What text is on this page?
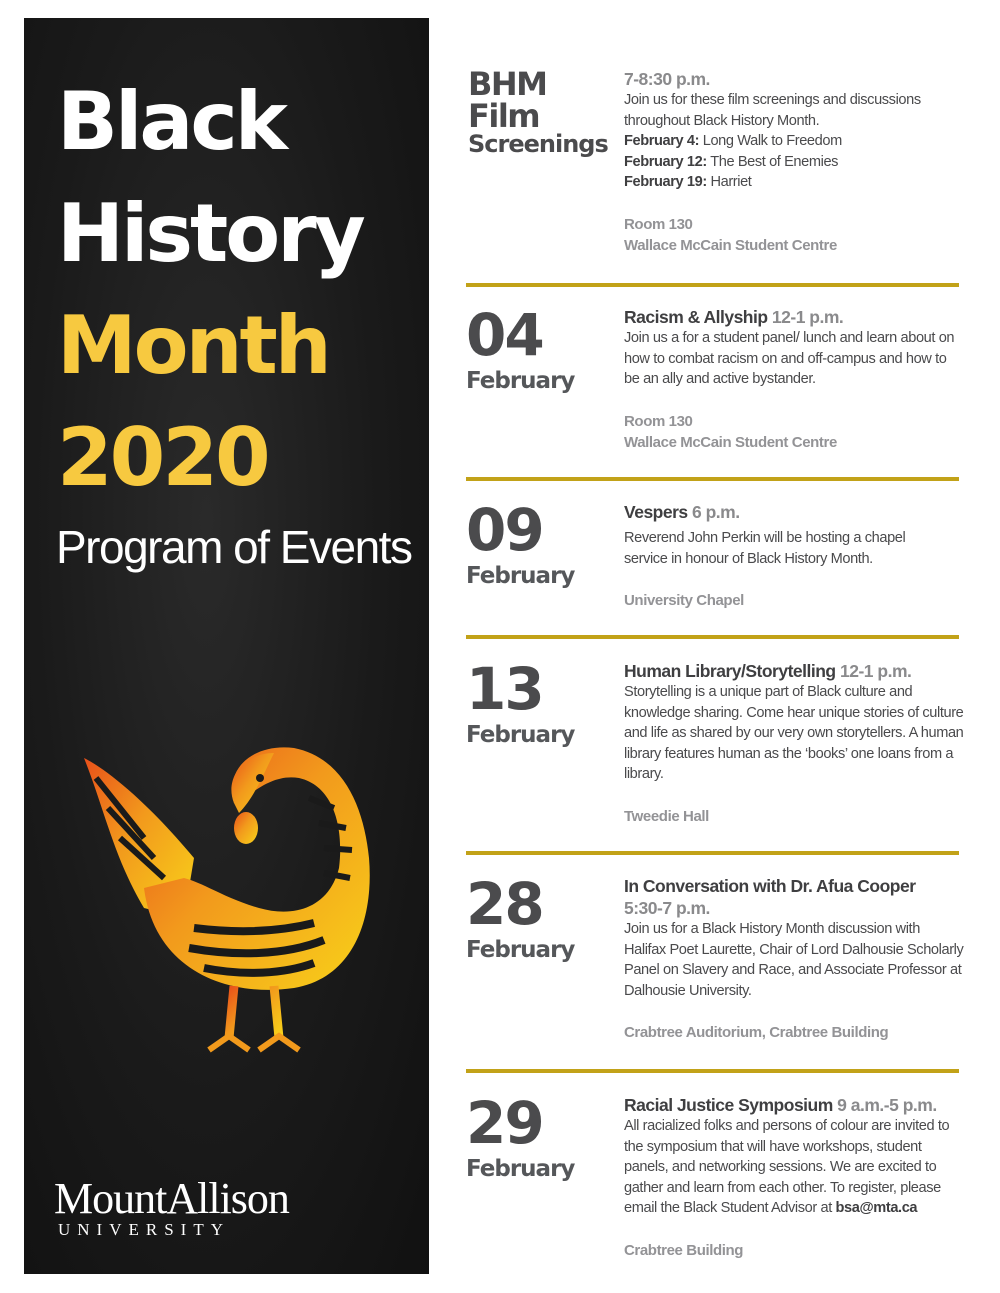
Black
History
Month
2020
Program of Events
MountAllison
UNIVERSITY
BHM
Film
Screenings
7-8:30 p.m.
Join us for these film screenings and discussions throughout Black History Month.
February 4: Long Walk to Freedom
February 12: The Best of Enemies
February 19: Harriet
Room 130
Wallace McCain Student Centre
04
February
Racism & Allyship 12-1 p.m.
Join us a for a student panel/ lunch and learn about on how to combat racism on and off-campus and how to be an ally and active bystander.
Room 130
Wallace McCain Student Centre
09
February
Vespers 6 p.m.
Reverend John Perkin will be hosting a chapel service in honour of Black History Month.
University Chapel
13
February
Human Library/Storytelling 12-1 p.m.
Storytelling is a unique part of Black culture and knowledge sharing. Come hear unique stories of culture and life as shared by our very own storytellers. A human library features human as the ‘books’ one loans from a library.
Tweedie Hall
28
February
In Conversation with Dr. Afua Cooper
5:30-7 p.m.
Join us for a Black History Month discussion with Halifax Poet Laurette, Chair of Lord Dalhousie Scholarly Panel on Slavery and Race, and Associate Professor at Dalhousie University.
Crabtree Auditorium, Crabtree Building
29
February
Racial Justice Symposium 9 a.m.-5 p.m.
All racialized folks and persons of colour are invited to the symposium that will have workshops, student panels, and networking sessions. We are excited to gather and learn from each other. To register, please email the Black Student Advisor at bsa@mta.ca
Crabtree Building
